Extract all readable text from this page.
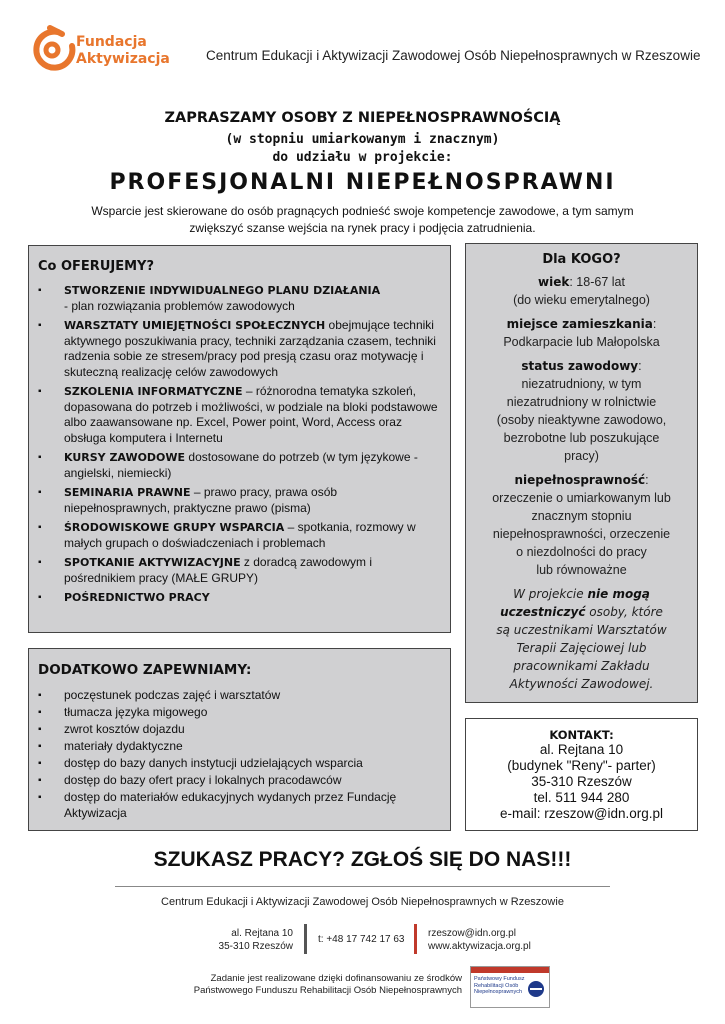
Fundacja
Aktywizacja	Centrum Edukacji i Aktywizacji Zawodowej Osób Niepełnosprawnych w Rzeszowie
ZAPRASZAMY OSOBY Z NIEPEŁNOSPRAWNOŚCIĄ
(w stopniu umiarkowanym i znacznym)
do udziału w projekcie:
PROFESJONALNI NIEPEŁNOSPRAWNI
Wsparcie jest skierowane do osób pragnących podnieść swoje kompetencje zawodowe, a tym samym
zwiększyć szanse wejścia na rynek pracy i podjęcia zatrudnienia.
Co OFERUJEMY?
▪ STWORZENIE INDYWIDUALNEGO PLANU DZIAŁANIA
- plan rozwiązania problemów zawodowych
▪ WARSZTATY UMIEJĘTNOŚCI SPOŁECZNYCH obejmujące techniki aktywnego poszukiwania pracy, techniki zarządzania czasem, techniki radzenia sobie ze stresem/pracy pod presją czasu oraz motywację i skuteczną realizację celów zawodowych
▪ SZKOLENIA INFORMATYCZNE – różnorodna tematyka szkoleń, dopasowana do potrzeb i możliwości, w podziale na bloki podstawowe albo zaawansowane np. Excel, Power point, Word, Access oraz obsługa komputera i Internetu
▪ KURSY ZAWODOWE dostosowane do potrzeb (w tym językowe - angielski, niemiecki)
▪ SEMINARIA PRAWNE – prawo pracy, prawa osób niepełnosprawnych, praktyczne prawo (pisma)
▪ ŚRODOWISKOWE GRUPY WSPARCIA – spotkania, rozmowy w małych grupach o doświadczeniach i problemach
▪ SPOTKANIE AKTYWIZACYJNE z doradcą zawodowym i pośrednikiem pracy (MAŁE GRUPY)
▪ POŚREDNICTWO PRACY
DODATKOWO ZAPEWNIAMY:
▪ poczęstunek podczas zajęć i warsztatów
▪ tłumacza języka migowego
▪ zwrot kosztów dojazdu
▪ materiały dydaktyczne
▪ dostęp do bazy danych instytucji udzielających wsparcia
▪ dostęp do bazy ofert pracy i lokalnych pracodawców
▪ dostęp do materiałów edukacyjnych wydanych przez Fundację Aktywizacja
Dla KOGO?
wiek: 18-67 lat
(do wieku emerytalnego)
miejsce zamieszkania:
Podkarpacie lub Małopolska
status zawodowy:
niezatrudniony, w tym
niezatrudniony w rolnictwie
(osoby nieaktywne zawodowo,
bezrobotne lub poszukujące
pracy)
niepełnosprawność:
orzeczenie o umiarkowanym lub
znacznym stopniu
niepełnosprawności, orzeczenie
o niezdolności do pracy
lub równoważne
W projekcie nie mogą
uczestniczyć osoby, które
są uczestnikami Warsztatów
Terapii Zajęciowej lub
pracownikami Zakładu
Aktywności Zawodowej.
KONTAKT:
al. Rejtana 10
(budynek "Reny"- parter)
35-310 Rzeszów
tel. 511 944 280
e-mail: rzeszow@idn.org.pl
SZUKASZ PRACY? ZGŁOŚ SIĘ DO NAS!!!
Centrum Edukacji i Aktywizacji Zawodowej Osób Niepełnosprawnych w Rzeszowie
al. Rejtana 10
35-310 Rzeszów
t: +48 17 742 17 63
rzeszow@idn.org.pl
www.aktywizacja.org.pl
Zadanie jest realizowane dzięki dofinansowaniu ze środków
Państwowego Funduszu Rehabilitacji Osób Niepełnosprawnych
Państwowy Fundusz
Rehabilitacji Osób
Niepełnosprawnych
